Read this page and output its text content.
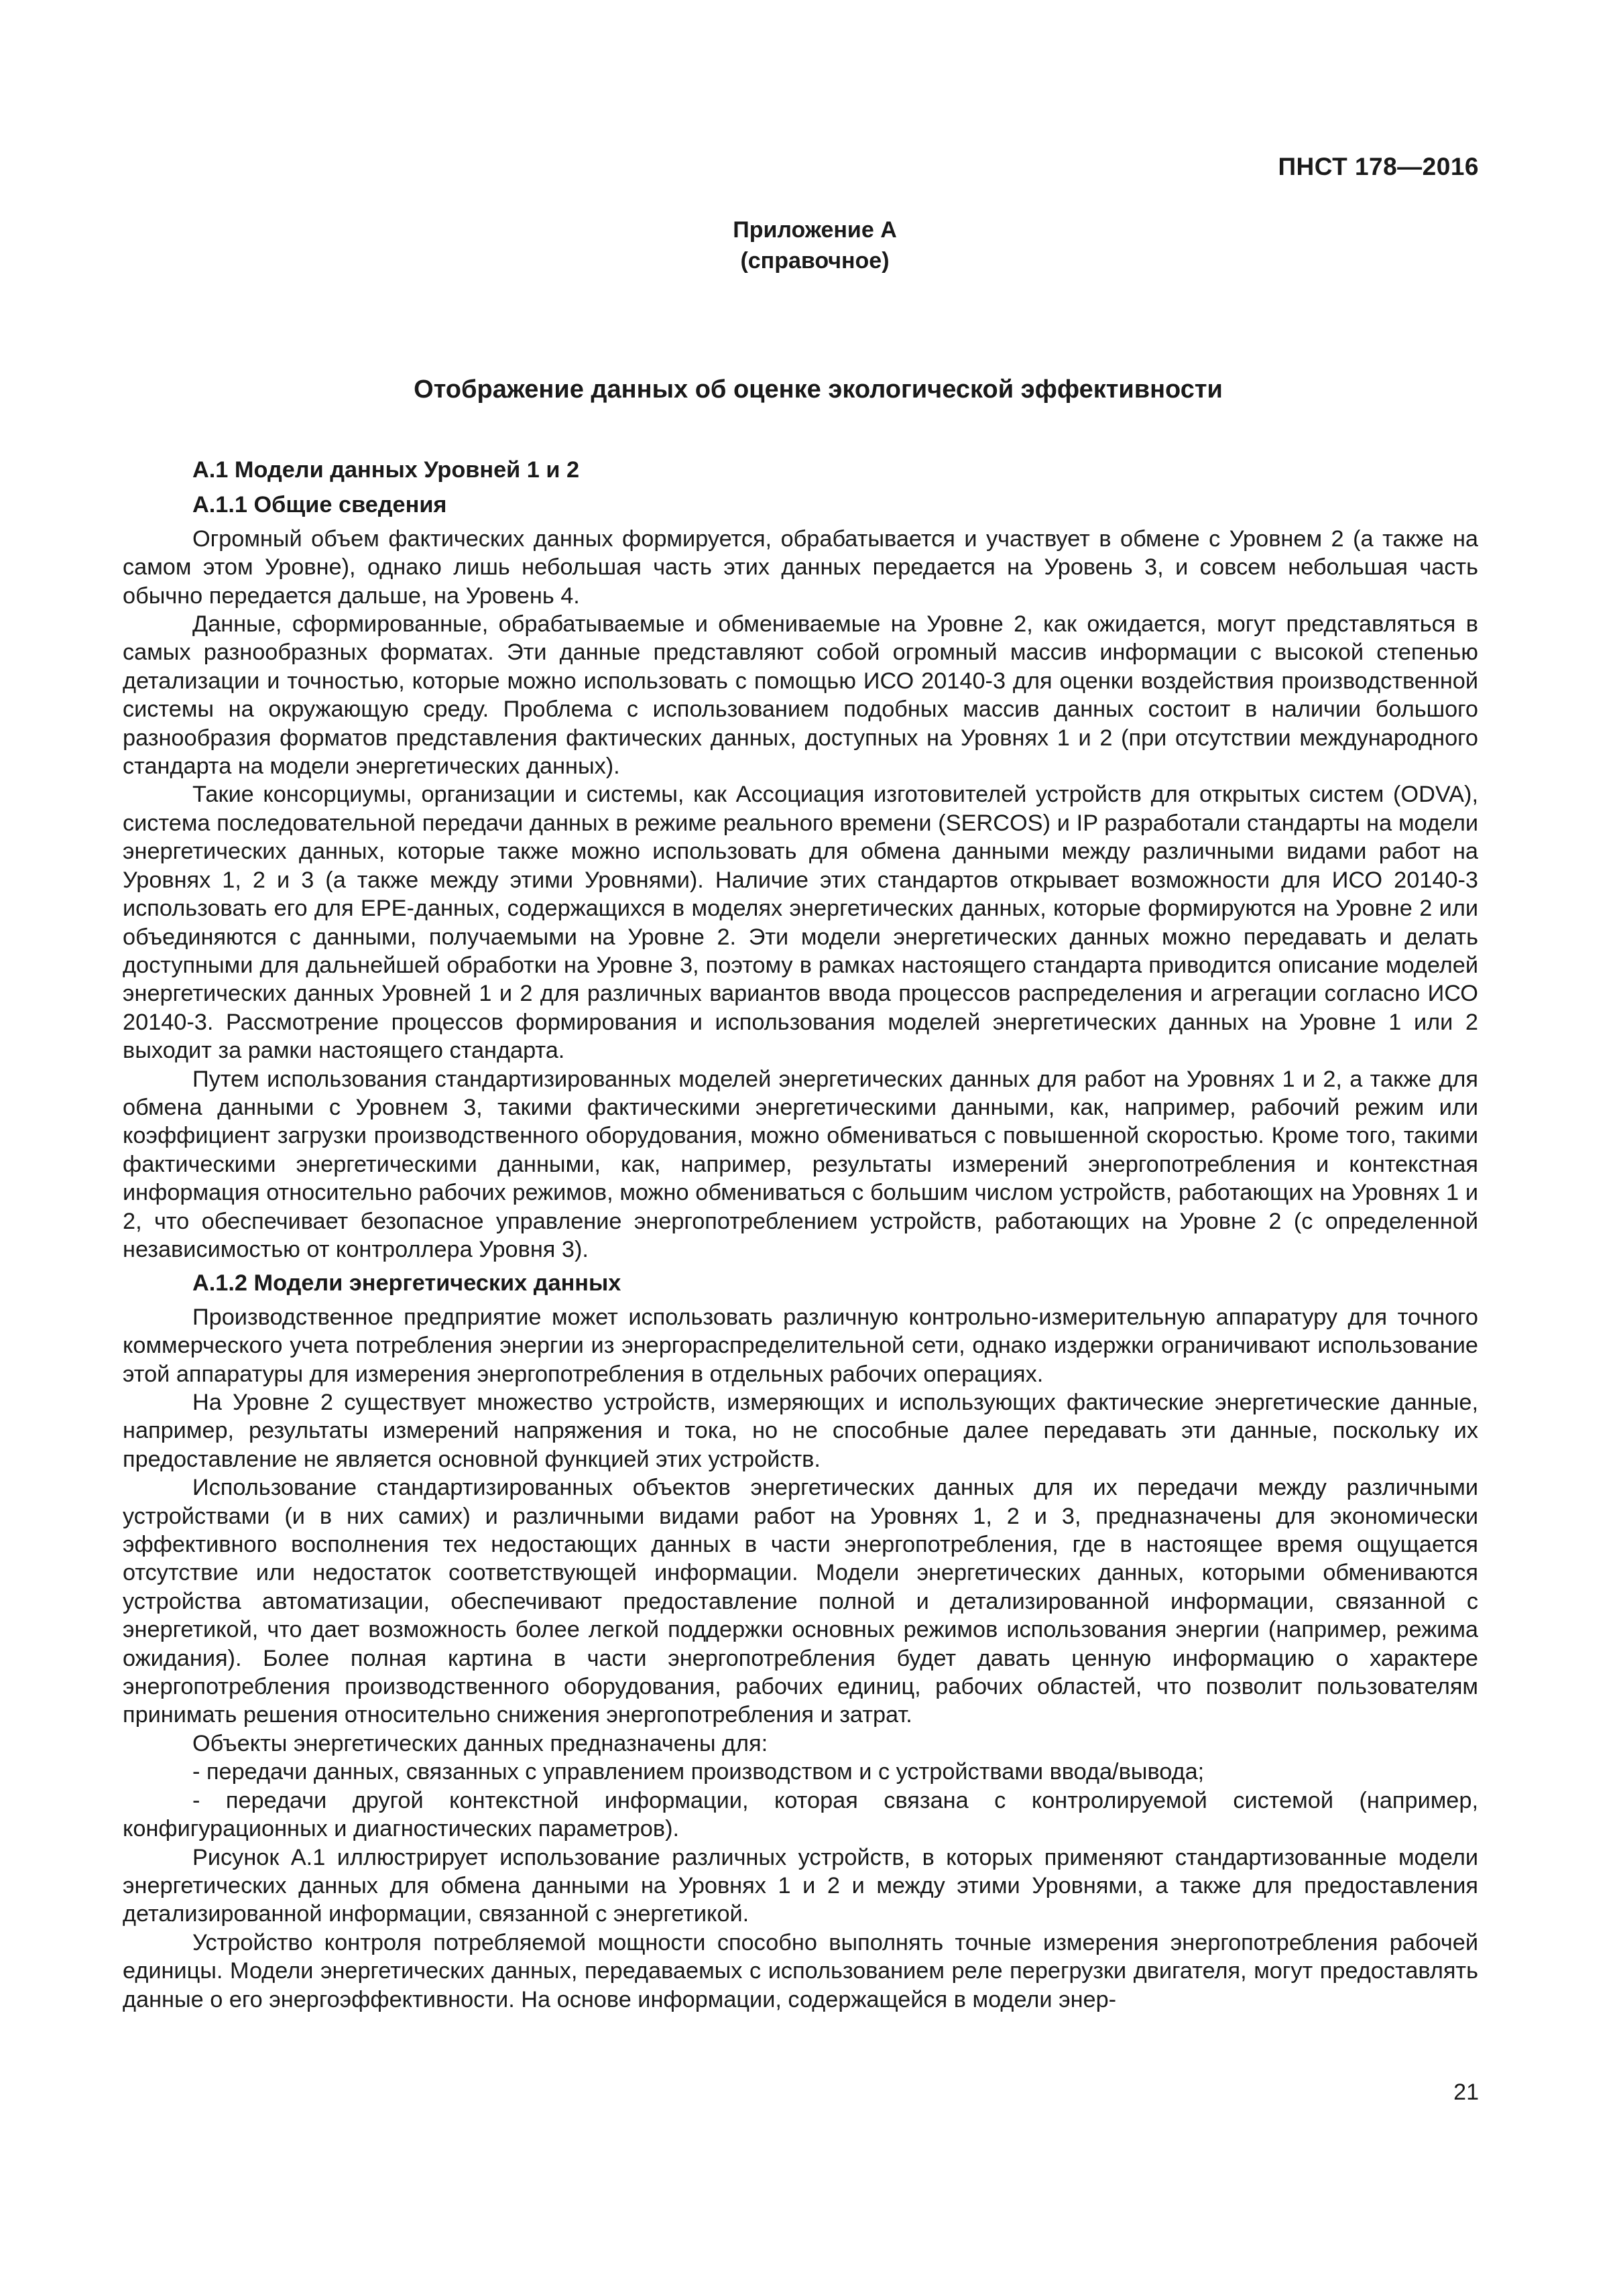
ПНСТ 178—2016
Приложение А
(справочное)
Отображение данных об оценке экологической эффективности
А.1 Модели данных Уровней 1 и 2
А.1.1 Общие сведения

Огромный объем фактических данных формируется, обрабатывается и участвует в обмене с Уровнем 2 (а также на самом этом Уровне), однако лишь небольшая часть этих данных передается на Уровень 3, и совсем небольшая часть обычно передается дальше, на Уровень 4.

Данные, сформированные, обрабатываемые и обмениваемые на Уровне 2, как ожидается, могут представляться в самых разнообразных форматах. Эти данные представляют собой огромный массив информации с высокой степенью детализации и точностью, которые можно использовать с помощью ИСО 20140-3 для оценки воздействия производственной системы на окружающую среду. Проблема с использованием подобных массив данных состоит в наличии большого разнообразия форматов представления фактических данных, доступных на Уровнях 1 и 2 (при отсутствии международного стандарта на модели энергетических данных).

Такие консорциумы, организации и системы, как Ассоциация изготовителей устройств для открытых систем (ODVA), система последовательной передачи данных в режиме реального времени (SERCOS) и IP разработали стандарты на модели энергетических данных, которые также можно использовать для обмена данными между различными видами работ на Уровнях 1, 2 и 3 (а также между этими Уровнями). Наличие этих стандартов открывает возможности для ИСО 20140-3 использовать его для ЕРЕ-данных, содержащихся в моделях энергетических данных, которые формируются на Уровне 2 или объединяются с данными, получаемыми на Уровне 2. Эти модели энергетических данных можно передавать и делать доступными для дальнейшей обработки на Уровне 3, поэтому в рамках настоящего стандарта приводится описание моделей энергетических данных Уровней 1 и 2 для различных вариантов ввода процессов распределения и агрегации согласно ИСО 20140-3. Рассмотрение процессов формирования и использования моделей энергетических данных на Уровне 1 или 2 выходит за рамки настоящего стандарта.

Путем использования стандартизированных моделей энергетических данных для работ на Уровнях 1 и 2, а также для обмена данными с Уровнем 3, такими фактическими энергетическими данными, как, например, рабочий режим или коэффициент загрузки производственного оборудования, можно обмениваться с повышенной скоростью. Кроме того, такими фактическими энергетическими данными, как, например, результаты измерений энергопотребления и контекстная информация относительно рабочих режимов, можно обмениваться с большим числом устройств, работающих на Уровнях 1 и 2, что обеспечивает безопасное управление энергопотреблением устройств, работающих на Уровне 2 (с определенной независимостью от контроллера Уровня 3).

А.1.2 Модели энергетических данных

Производственное предприятие может использовать различную контрольно-измерительную аппаратуру для точного коммерческого учета потребления энергии из энергораспределительной сети, однако издержки ограничивают использование этой аппаратуры для измерения энергопотребления в отдельных рабочих операциях.

На Уровне 2 существует множество устройств, измеряющих и использующих фактические энергетические данные, например, результаты измерений напряжения и тока, но не способные далее передавать эти данные, поскольку их предоставление не является основной функцией этих устройств.

Использование стандартизированных объектов энергетических данных для их передачи между различными устройствами (и в них самих) и различными видами работ на Уровнях 1, 2 и 3, предназначены для экономически эффективного восполнения тех недостающих данных в части энергопотребления, где в настоящее время ощущается отсутствие или недостаток соответствующей информации. Модели энергетических данных, которыми обмениваются устройства автоматизации, обеспечивают предоставление полной и детализированной информации, связанной с энергетикой, что дает возможность более легкой поддержки основных режимов использования энергии (например, режима ожидания). Более полная картина в части энергопотребления будет давать ценную информацию о характере энергопотребления производственного оборудования, рабочих единиц, рабочих областей, что позволит пользователям принимать решения относительно снижения энергопотребления и затрат.

Объекты энергетических данных предназначены для:

- передачи данных, связанных с управлением производством и с устройствами ввода/вывода;

- передачи другой контекстной информации, которая связана с контролируемой системой (например, конфигурационных и диагностических параметров).

Рисунок А.1 иллюстрирует использование различных устройств, в которых применяют стандартизованные модели энергетических данных для обмена данными на Уровнях 1 и 2 и между этими Уровнями, а также для предоставления детализированной информации, связанной с энергетикой.

Устройство контроля потребляемой мощности способно выполнять точные измерения энергопотребления рабочей единицы. Модели энергетических данных, передаваемых с использованием реле перегрузки двигателя, могут предоставлять данные о его энергоэффективности. На основе информации, содержащейся в модели энер-

21
